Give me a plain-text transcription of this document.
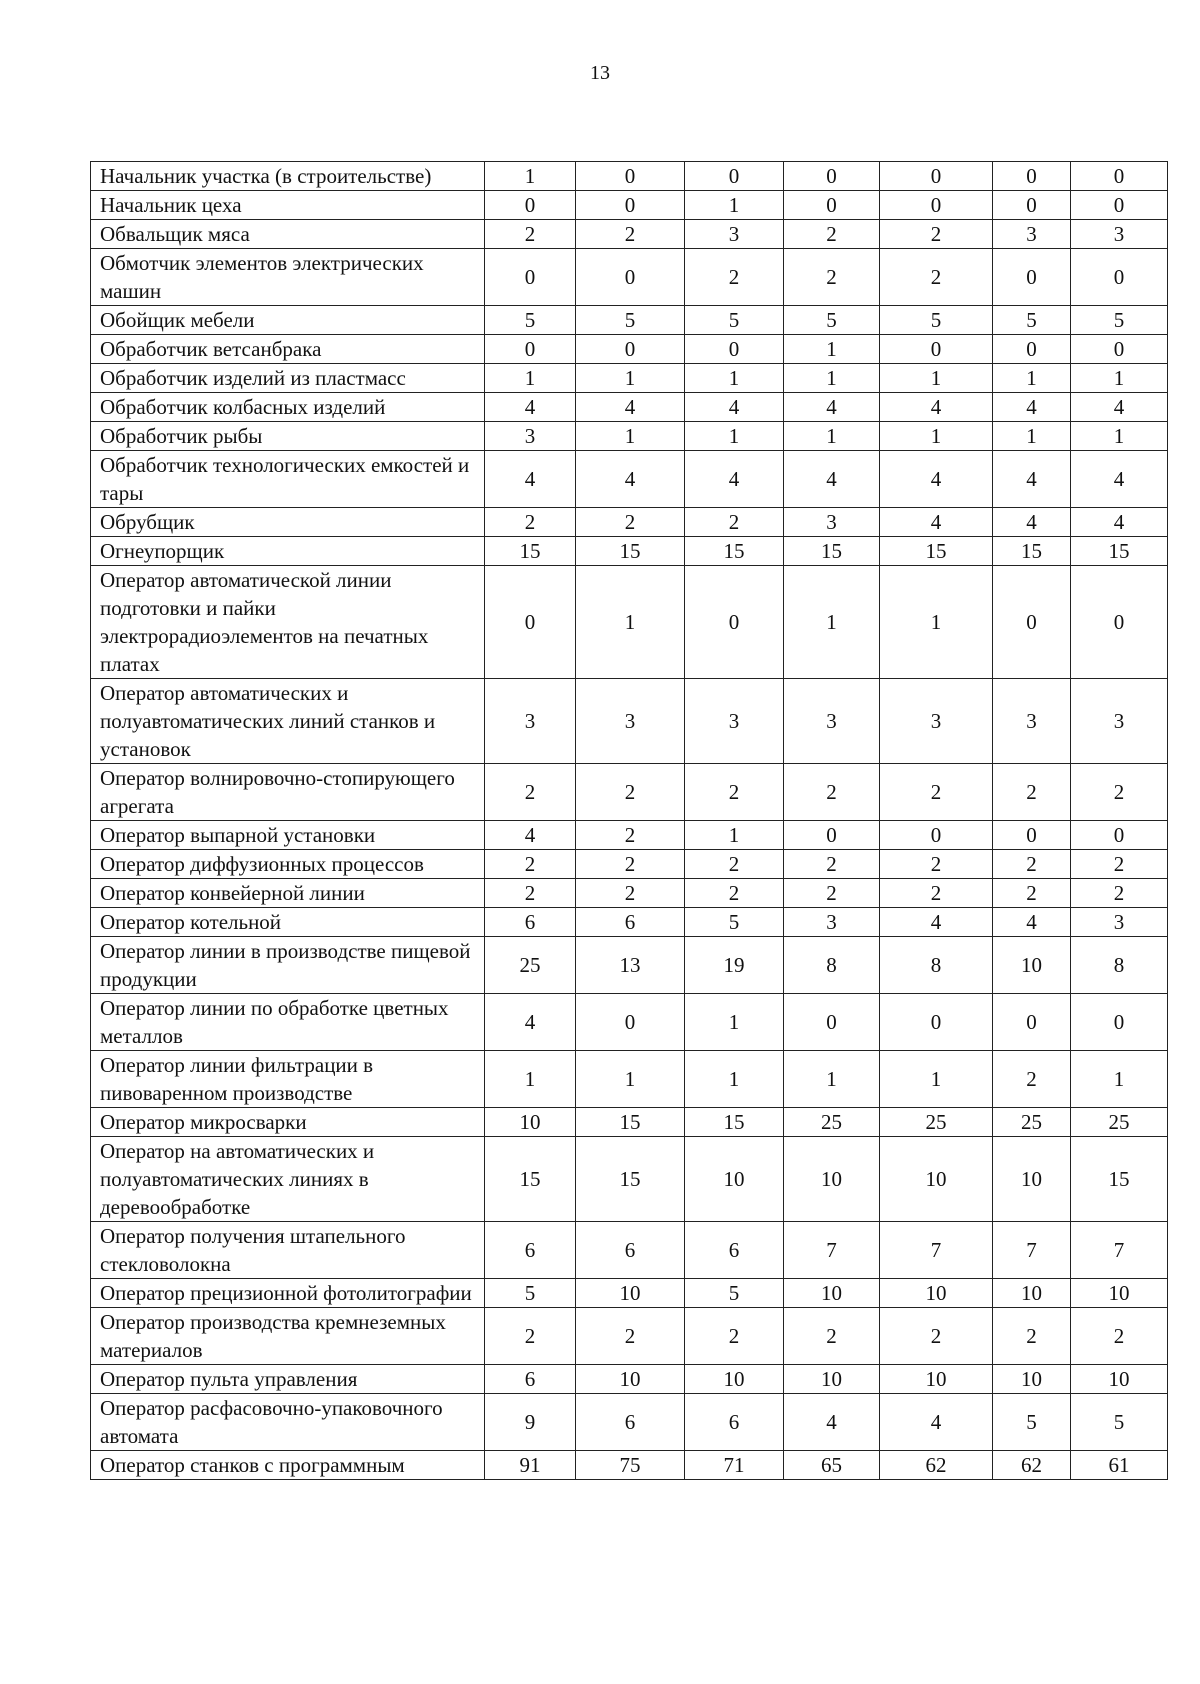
13
Начальник участка (в строительстве)	1	0	0	0	0	0	0
Начальник цеха	0	0	1	0	0	0	0
Обвальщик мяса	2	2	3	2	2	3	3
Обмотчик элементов электрических машин	0	0	2	2	2	0	0
Обойщик мебели	5	5	5	5	5	5	5
Обработчик ветсанбрака	0	0	0	1	0	0	0
Обработчик изделий из пластмасс	1	1	1	1	1	1	1
Обработчик колбасных изделий	4	4	4	4	4	4	4
Обработчик рыбы	3	1	1	1	1	1	1
Обработчик технологических емкостей и тары	4	4	4	4	4	4	4
Обрубщик	2	2	2	3	4	4	4
Огнеупорщик	15	15	15	15	15	15	15
Оператор автоматической линии подготовки и пайки электрорадиоэлементов на печатных платах	0	1	0	1	1	0	0
Оператор автоматических и полуавтоматических линий станков и установок	3	3	3	3	3	3	3
Оператор волнировочно-стопирующего агрегата	2	2	2	2	2	2	2
Оператор выпарной установки	4	2	1	0	0	0	0
Оператор диффузионных процессов	2	2	2	2	2	2	2
Оператор конвейерной линии	2	2	2	2	2	2	2
Оператор котельной	6	6	5	3	4	4	3
Оператор линии в производстве пищевой продукции	25	13	19	8	8	10	8
Оператор линии по обработке цветных металлов	4	0	1	0	0	0	0
Оператор линии фильтрации в пивоваренном производстве	1	1	1	1	1	2	1
Оператор микросварки	10	15	15	25	25	25	25
Оператор на автоматических и полуавтоматических линиях в деревообработке	15	15	10	10	10	10	15
Оператор получения штапельного стекловолокна	6	6	6	7	7	7	7
Оператор прецизионной фотолитографии	5	10	5	10	10	10	10
Оператор производства кремнеземных материалов	2	2	2	2	2	2	2
Оператор пульта управления	6	10	10	10	10	10	10
Оператор расфасовочно-упаковочного автомата	9	6	6	4	4	5	5
Оператор станков с программным	91	75	71	65	62	62	61
